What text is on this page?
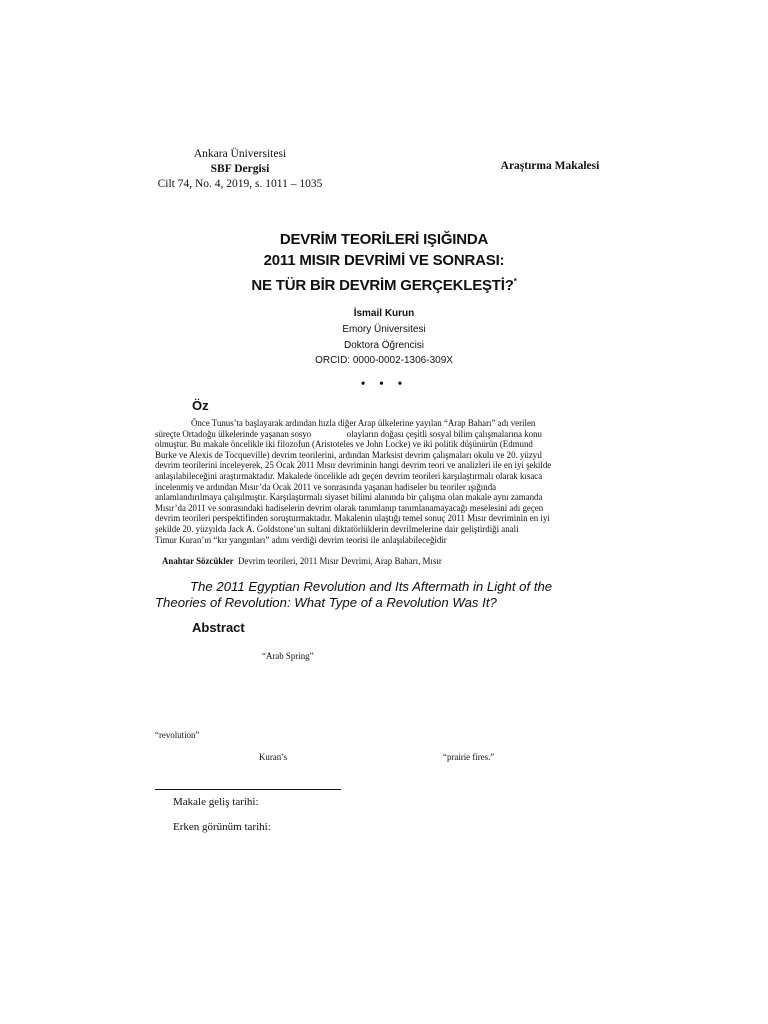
Ankara Üniversitesi
SBF Dergisi
Cilt 74, No. 4, 2019, s. 1011 – 1035
Araştırma Makalesi
DEVRİM TEORİLERİ IŞIĞINDA
2011 MISIR DEVRİMİ VE SONRASI:
NE TÜR BİR DEVRİM GERÇEKLEŞTİ?*
İsmail Kurun
Emory Üniversitesi
Doktora Öğrencisi
ORCID: 0000-0002-1306-309X
• • •
Öz
Önce Tunus’ta başlayarak ardından hızla diğer Arap ülkelerine yayılan “Arap Baharı” adı verilen
süreçte Ortadoğu ülkelerinde yaşanan sosyo                olayların doğası çeşitli sosyal bilim çalışmalarına konu
olmuştur. Bu makale öncelikle iki filozofun (Aristoteles ve John Locke) ve iki politik düşünürün (Edmund
Burke ve Alexis de Tocqueville) devrim teorilerini, ardından Marksist devrim çalışmaları okulu ve 20. yüzyıl
devrim teorilerini inceleyerek, 25 Ocak 2011 Mısır devriminin hangi devrim teori ve analizleri ile en iyi şekilde
anlaşılabileceğini araştırmaktadır. Makalede öncelikle adı geçen devrim teorileri karşılaştırmalı olarak kısaca
incelenmiş ve ardından Mısır’da Ocak 2011 ve sonrasında yaşanan hadiseler bu teoriler ışığında
anlamlandırılmaya çalışılmıştır. Karşılaştırmalı siyaset bilimi alanında bir çalışma olan makale aynı zamanda
Mısır’da 2011 ve sonrasındaki hadiselerin devrim olarak tanımlanıp tanımlanamayacağı meselesini adı geçen
devrim teorileri perspektifinden soruşturmaktadır. Makalenin ulaştığı temel sonuç 2011 Mısır devriminin en iyi
şekilde 20. yüzyılda Jack A. Goldstone’un sultani diktatörlüklerin devrilmelerine dair geliştirdiği anali
Timur Kuran’ın “kır yangınları” adını verdiği devrim teorisi ile anlaşılabileceğidir
Anahtar Sözcükler Devrim teorileri, 2011 Mısır Devrimi, Arap Baharı, Mısır
The 2011 Egyptian Revolution and Its Aftermath in Light of the
Theories of Revolution: What Type of a Revolution Was It?
Abstract
“Arab Spring”
“revolution”
Kuran’s	“prairie fires.”
Makale geliş tarihi:
Erken görünüm tarihi:
